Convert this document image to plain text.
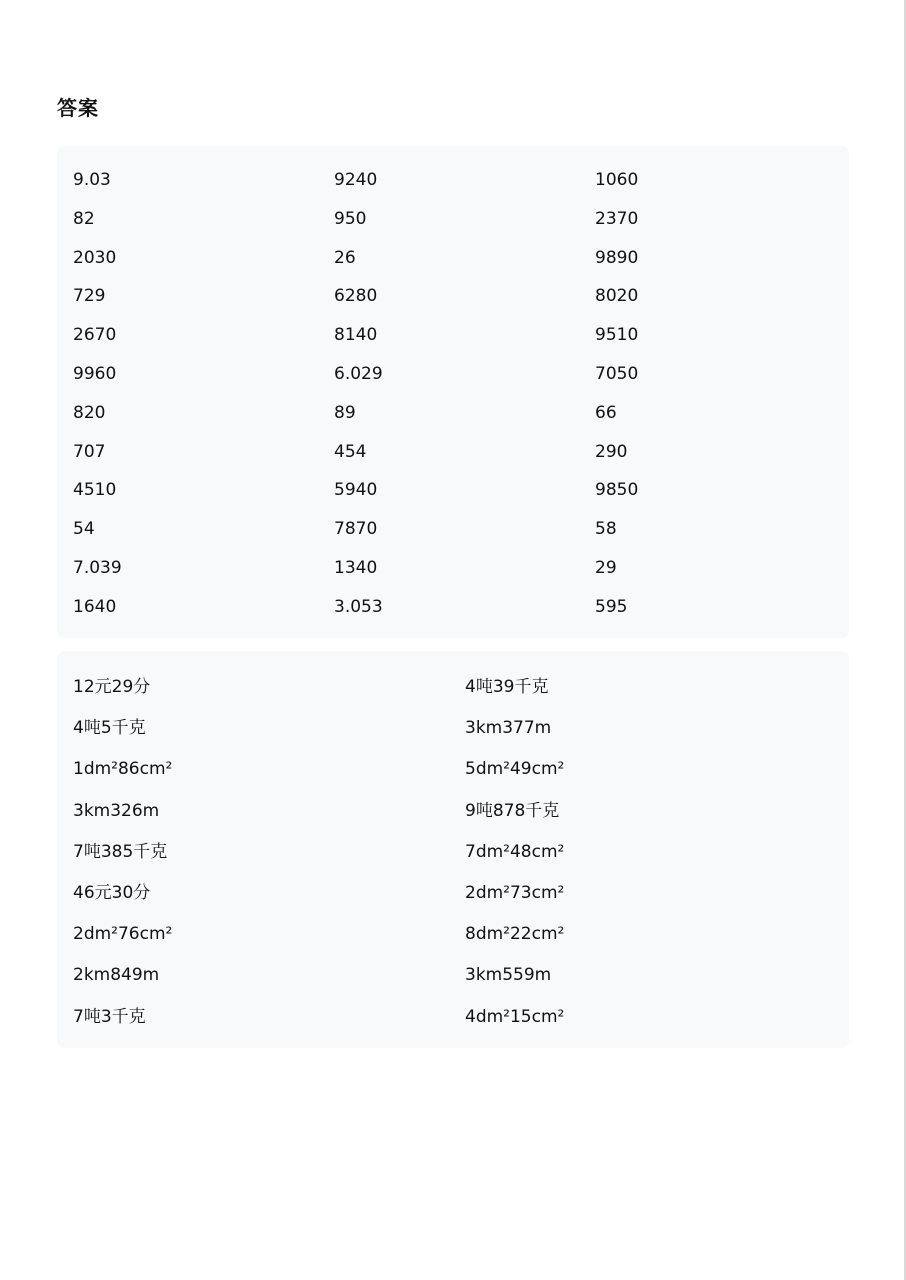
答案
9.03	9240	1060
82	950	2370
2030	26	9890
729	6280	8020
2670	8140	9510
9960	6.029	7050
820	89	66
707	454	290
4510	5940	9850
54	7870	58
7.039	1340	29
1640	3.053	595
12元29分	4吨39千克
4吨5千克	3km377m
1dm²86cm²	5dm²49cm²
3km326m	9吨878千克
7吨385千克	7dm²48cm²
46元30分	2dm²73cm²
2dm²76cm²	8dm²22cm²
2km849m	3km559m
7吨3千克	4dm²15cm²
